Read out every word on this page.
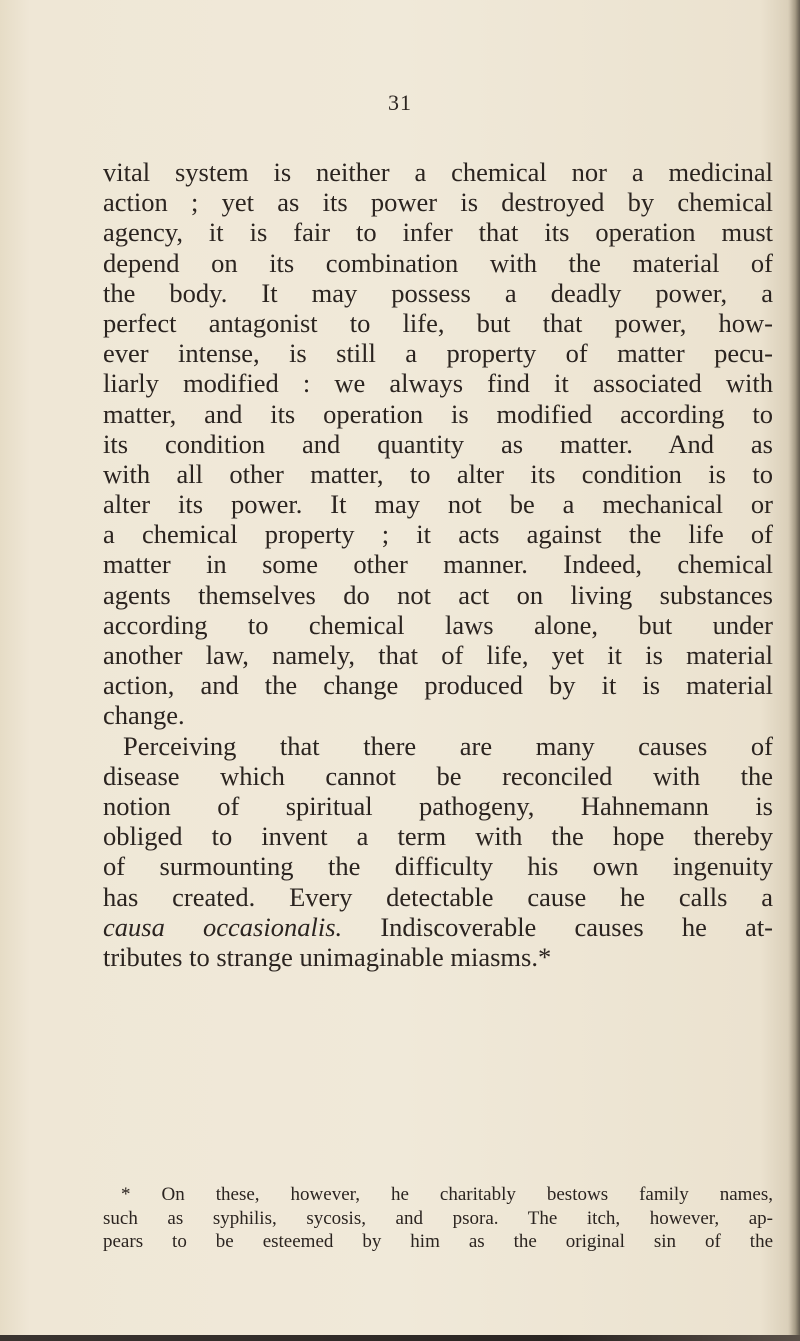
31
vital system is neither a chemical nor a medicinal
action ; yet as its power is destroyed by chemical
agency, it is fair to infer that its operation must
depend on its combination with the material of
the body. It may possess a deadly power, a
perfect antagonist to life, but that power, how-
ever intense, is still a property of matter pecu-
liarly modified : we always find it associated with
matter, and its operation is modified according to
its condition and quantity as matter. And as
with all other matter, to alter its condition is to
alter its power. It may not be a mechanical or
a chemical property ; it acts against the life of
matter in some other manner. Indeed, chemical
agents themselves do not act on living substances
according to chemical laws alone, but under
another law, namely, that of life, yet it is material
action, and the change produced by it is material
change.
Perceiving that there are many causes of
disease which cannot be reconciled with the
notion of spiritual pathogeny, Hahnemann is
obliged to invent a term with the hope thereby
of surmounting the difficulty his own ingenuity
has created. Every detectable cause he calls a
causa occasionalis. Indiscoverable causes he at-
tributes to strange unimaginable miasms.*
* On these, however, he charitably bestows family names,
such as syphilis, sycosis, and psora. The itch, however, ap-
pears to be esteemed by him as the original sin of the
